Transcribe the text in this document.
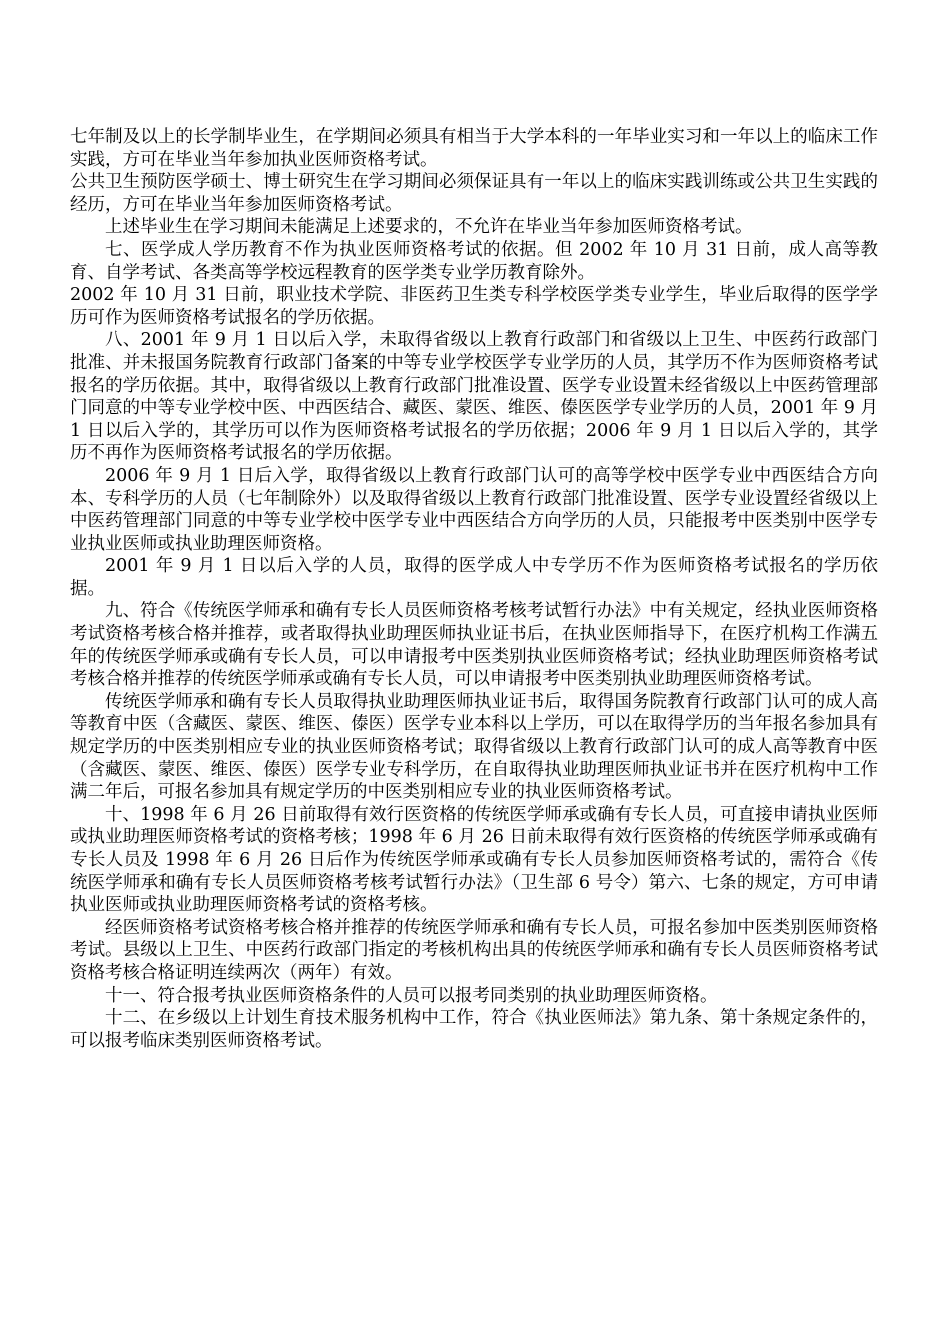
七年制及以上的长学制毕业生，在学期间必须具有相当于大学本科的一年毕业实习和一年以上的临床工作实践，方可在毕业当年参加执业医师资格考试。

公共卫生预防医学硕士、博士研究生在学习期间必须保证具有一年以上的临床实践训练或公共卫生实践的经历，方可在毕业当年参加医师资格考试。

上述毕业生在学习期间未能满足上述要求的，不允许在毕业当年参加医师资格考试。

七、医学成人学历教育不作为执业医师资格考试的依据。但 2002 年 10 月 31 日前，成人高等教育、自学考试、各类高等学校远程教育的医学类专业学历教育除外。

2002 年 10 月 31 日前，职业技术学院、非医药卫生类专科学校医学类专业学生，毕业后取得的医学学历可作为医师资格考试报名的学历依据。

八、2001 年 9 月 1 日以后入学，未取得省级以上教育行政部门和省级以上卫生、中医药行政部门批准、并未报国务院教育行政部门备案的中等专业学校医学专业学历的人员，其学历不作为医师资格考试报名的学历依据。其中，取得省级以上教育行政部门批准设置、医学专业设置未经省级以上中医药管理部门同意的中等专业学校中医、中西医结合、藏医、蒙医、维医、傣医医学专业学历的人员，2001 年 9 月 1 日以后入学的，其学历可以作为医师资格考试报名的学历依据；2006 年 9 月 1 日以后入学的，其学历不再作为医师资格考试报名的学历依据。

2006 年 9 月 1 日后入学，取得省级以上教育行政部门认可的高等学校中医学专业中西医结合方向本、专科学历的人员（七年制除外）以及取得省级以上教育行政部门批准设置、医学专业设置经省级以上中医药管理部门同意的中等专业学校中医学专业中西医结合方向学历的人员，只能报考中医类别中医学专业执业医师或执业助理医师资格。

2001 年 9 月 1 日以后入学的人员，取得的医学成人中专学历不作为医师资格考试报名的学历依据。

九、符合《传统医学师承和确有专长人员医师资格考核考试暂行办法》中有关规定，经执业医师资格考试资格考核合格并推荐，或者取得执业助理医师执业证书后，在执业医师指导下，在医疗机构工作满五年的传统医学师承或确有专长人员，可以申请报考中医类别执业医师资格考试；经执业助理医师资格考试考核合格并推荐的传统医学师承或确有专长人员，可以申请报考中医类别执业助理医师资格考试。

传统医学师承和确有专长人员取得执业助理医师执业证书后，取得国务院教育行政部门认可的成人高等教育中医（含藏医、蒙医、维医、傣医）医学专业本科以上学历，可以在取得学历的当年报名参加具有规定学历的中医类别相应专业的执业医师资格考试；取得省级以上教育行政部门认可的成人高等教育中医（含藏医、蒙医、维医、傣医）医学专业专科学历，在自取得执业助理医师执业证书并在医疗机构中工作满二年后，可报名参加具有规定学历的中医类别相应专业的执业医师资格考试。

十、1998 年 6 月 26 日前取得有效行医资格的传统医学师承或确有专长人员，可直接申请执业医师或执业助理医师资格考试的资格考核；1998 年 6 月 26 日前未取得有效行医资格的传统医学师承或确有专长人员及 1998 年 6 月 26 日后作为传统医学师承或确有专长人员参加医师资格考试的，需符合《传统医学师承和确有专长人员医师资格考核考试暂行办法》（卫生部 6 号令）第六、七条的规定，方可申请执业医师或执业助理医师资格考试的资格考核。

经医师资格考试资格考核合格并推荐的传统医学师承和确有专长人员，可报名参加中医类别医师资格考试。县级以上卫生、中医药行政部门指定的考核机构出具的传统医学师承和确有专长人员医师资格考试资格考核合格证明连续两次（两年）有效。

十一、符合报考执业医师资格条件的人员可以报考同类别的执业助理医师资格。

十二、在乡级以上计划生育技术服务机构中工作，符合《执业医师法》第九条、第十条规定条件的，可以报考临床类别医师资格考试。
